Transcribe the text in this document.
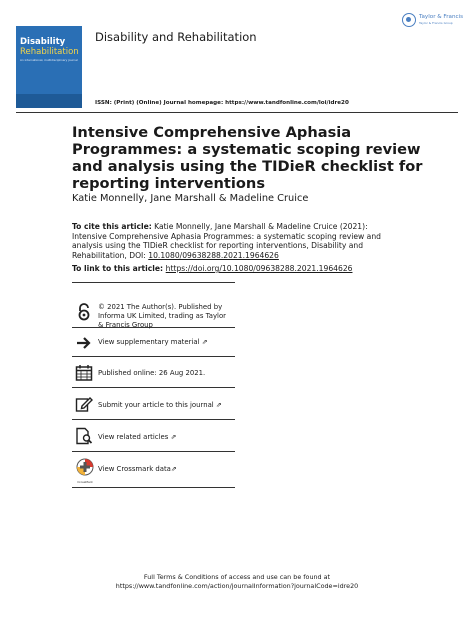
Disability
Rehabilitation
An international, multidisciplinary journal
Disability and Rehabilitation
Taylor & Francis
Taylor & Francis Group
ISSN: (Print) (Online) Journal homepage: https://www.tandfonline.com/loi/idre20
Intensive Comprehensive Aphasia Programmes: a systematic scoping review and analysis using the TIDieR checklist for reporting interventions
Katie Monnelly, Jane Marshall & Madeline Cruice
To cite this article: Katie Monnelly, Jane Marshall & Madeline Cruice (2021): Intensive Comprehensive Aphasia Programmes: a systematic scoping review and analysis using the TIDieR checklist for reporting interventions, Disability and Rehabilitation, DOI: 10.1080/09638288.2021.1964626
To link to this article: https://doi.org/10.1080/09638288.2021.1964626
© 2021 The Author(s). Published by Informa UK Limited, trading as Taylor & Francis Group
View supplementary material ⇗
Published online: 26 Aug 2021.
Submit your article to this journal ⇗
View related articles ⇗
CrossMark
View Crossmark data⇗
Full Terms & Conditions of access and use can be found at
https://www.tandfonline.com/action/journalInformation?journalCode=idre20
